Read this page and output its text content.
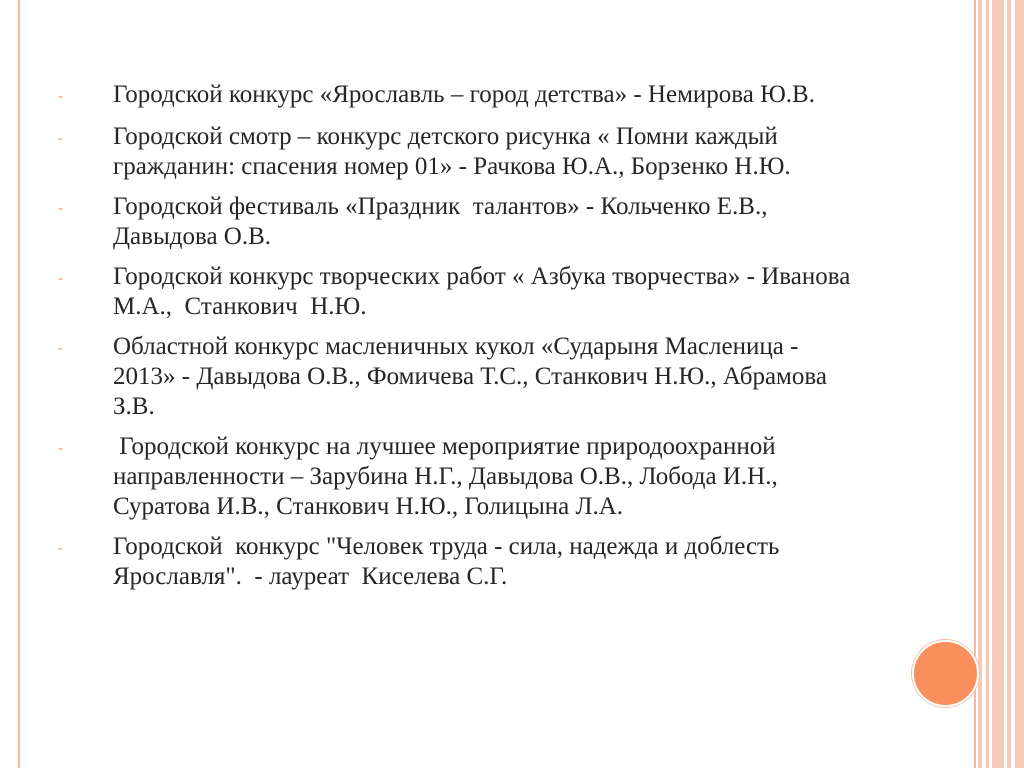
-	Городской конкурс «Ярославль – город детства» - Немирова Ю.В.
-	Городской смотр – конкурс детского рисунка « Помни каждый гражданин: спасения номер 01» - Рачкова Ю.А., Борзенко Н.Ю.
-	Городской фестиваль «Праздник  талантов» - Кольченко Е.В., Давыдова О.В.
-	Городской конкурс творческих работ « Азбука творчества» - Иванова  М.А.,  Станкович  Н.Ю.
-	Областной конкурс масленичных кукол «Сударыня Масленица - 2013» - Давыдова О.В., Фомичева Т.С., Станкович Н.Ю., Абрамова З.В.
-	Городской конкурс на лучшее мероприятие природоохранной направленности – Зарубина Н.Г., Давыдова О.В., Лобода И.Н., Суратова И.В., Станкович Н.Ю., Голицына Л.А.
-	Городской  конкурс "Человек труда - сила, надежда и доблесть Ярославля".  - лауреат  Киселева С.Г.
